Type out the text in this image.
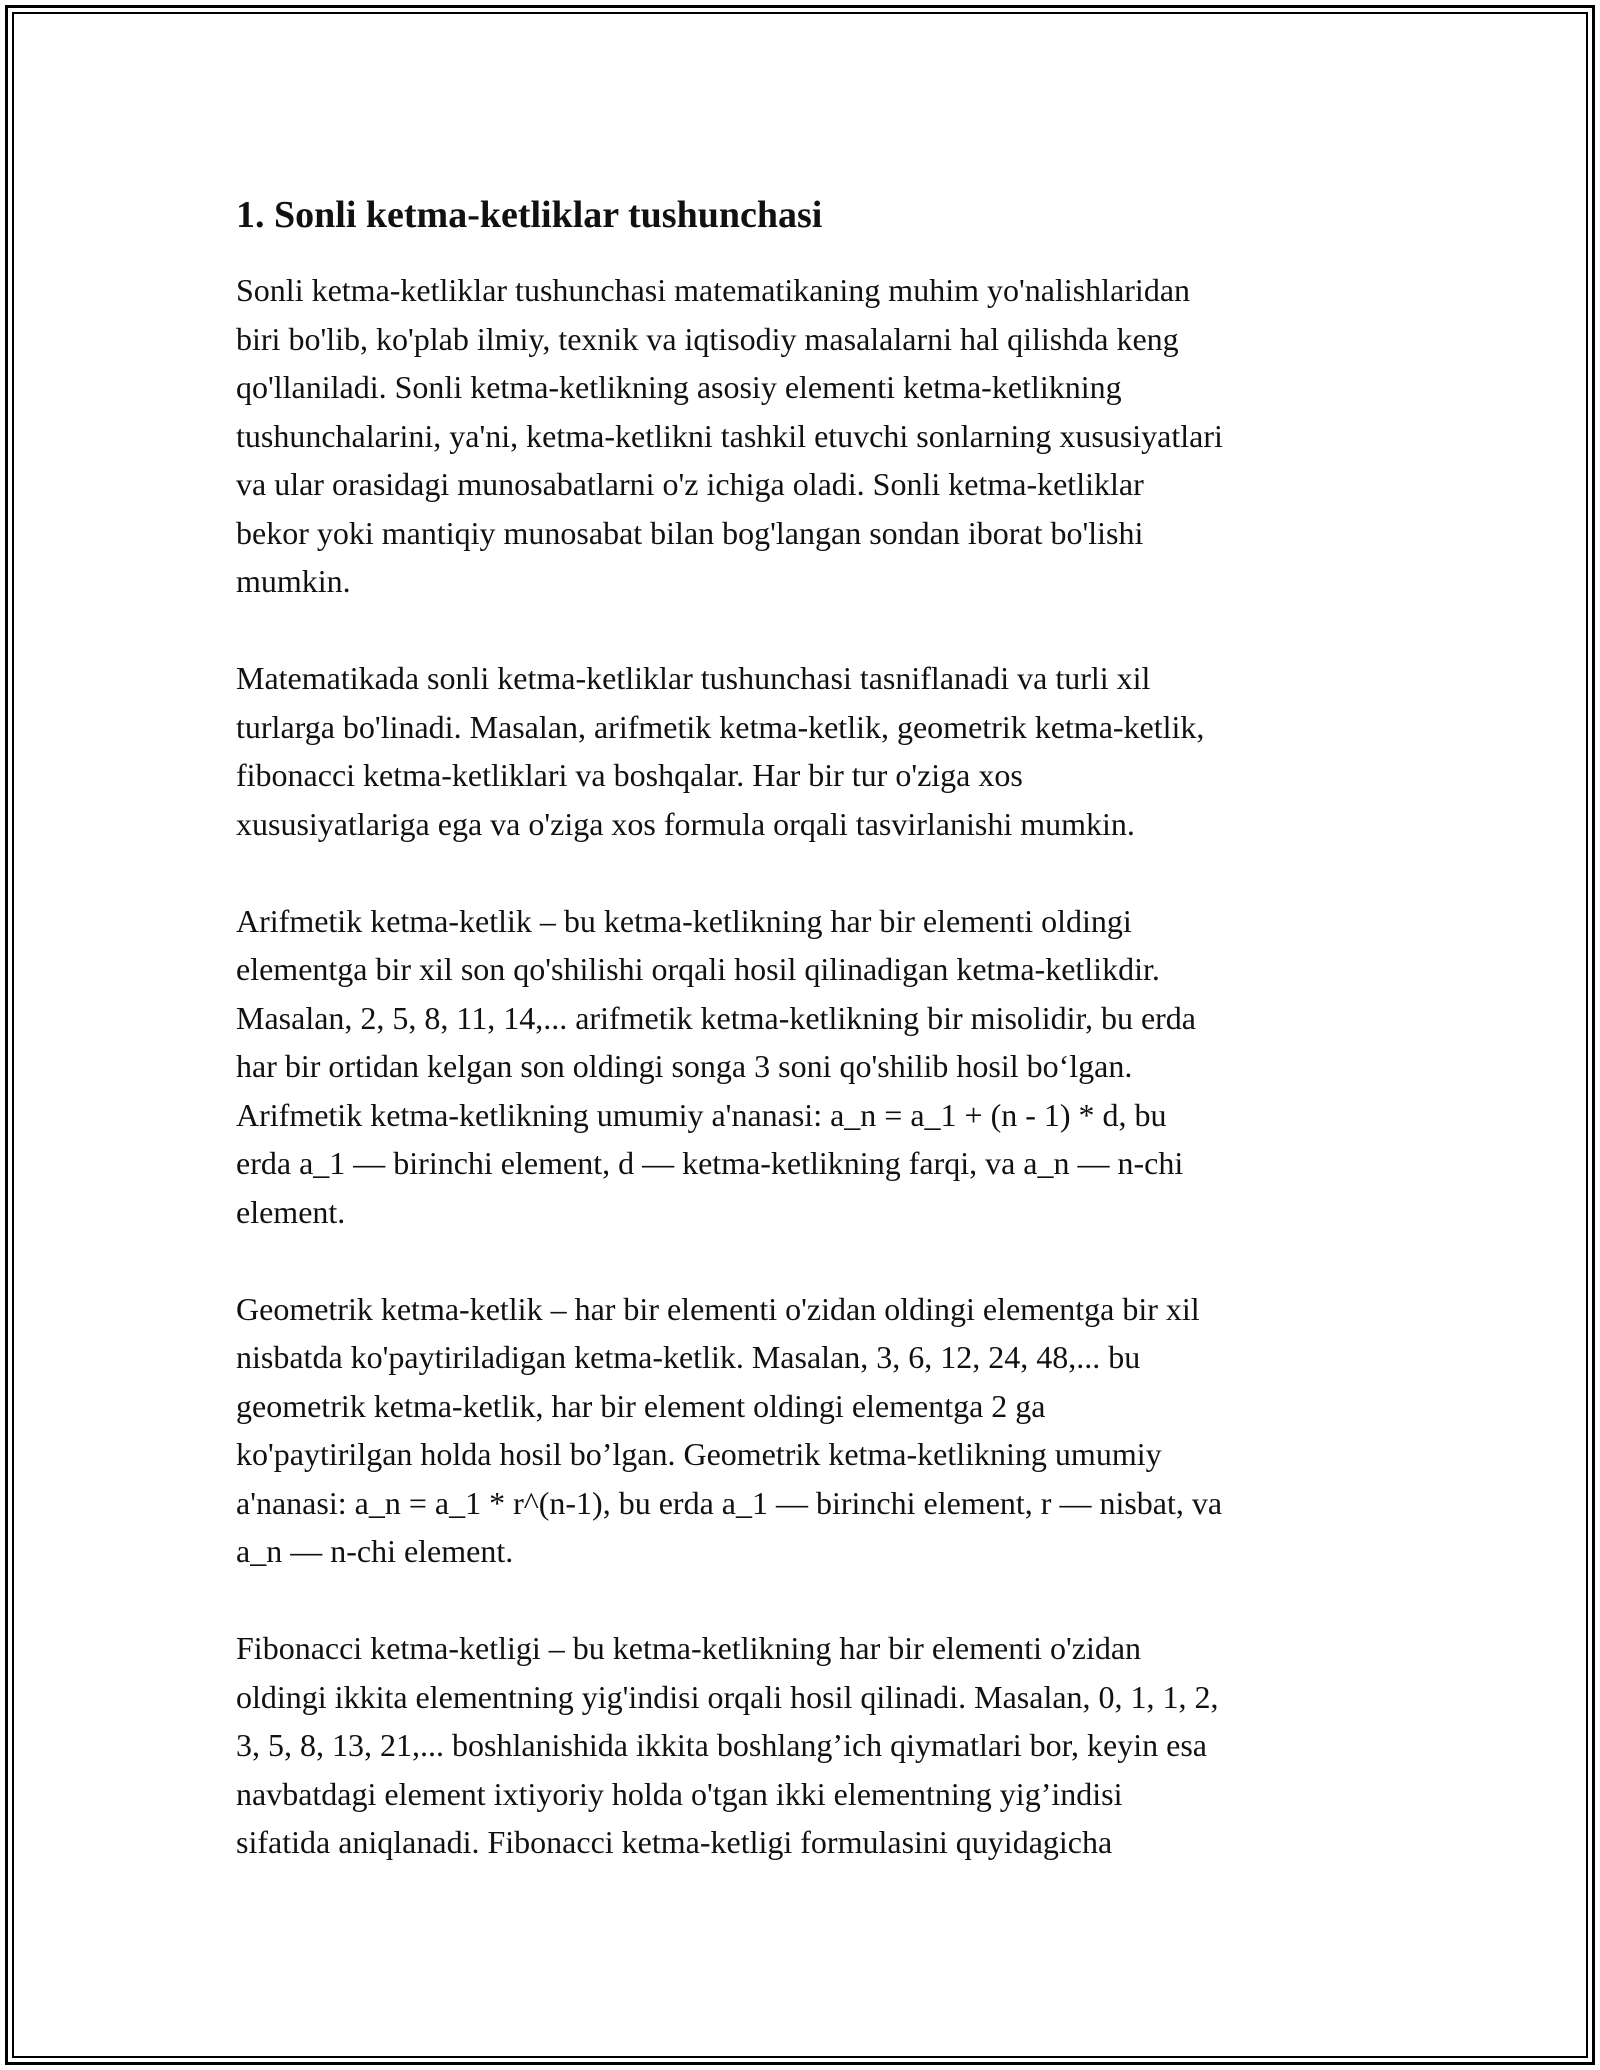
1. Sonli ketma-ketliklar tushunchasi

Sonli ketma-ketliklar tushunchasi matematikaning muhim yo'nalishlaridan
biri bo'lib, ko'plab ilmiy, texnik va iqtisodiy masalalarni hal qilishda keng
qo'llaniladi. Sonli ketma-ketlikning asosiy elementi ketma-ketlikning
tushunchalarini, ya'ni, ketma-ketlikni tashkil etuvchi sonlarning xususiyatlari
va ular orasidagi munosabatlarni o'z ichiga oladi. Sonli ketma-ketliklar
bekor yoki mantiqiy munosabat bilan bog'langan sondan iborat bo'lishi
mumkin.

Matematikada sonli ketma-ketliklar tushunchasi tasniflanadi va turli xil
turlarga bo'linadi. Masalan, arifmetik ketma-ketlik, geometrik ketma-ketlik,
fibonacci ketma-ketliklari va boshqalar. Har bir tur o'ziga xos
xususiyatlariga ega va o'ziga xos formula orqali tasvirlanishi mumkin.

Arifmetik ketma-ketlik – bu ketma-ketlikning har bir elementi oldingi
elementga bir xil son qo'shilishi orqali hosil qilinadigan ketma-ketlikdir.
Masalan, 2, 5, 8, 11, 14,... arifmetik ketma-ketlikning bir misolidir, bu erda
har bir ortidan kelgan son oldingi songa 3 soni qo'shilib hosil bo‘lgan.
Arifmetik ketma-ketlikning umumiy a'nanasi: a_n = a_1 + (n - 1) * d, bu
erda a_1 — birinchi element, d — ketma-ketlikning farqi, va a_n — n-chi
element.

Geometrik ketma-ketlik – har bir elementi o'zidan oldingi elementga bir xil
nisbatda ko'paytiriladigan ketma-ketlik. Masalan, 3, 6, 12, 24, 48,... bu
geometrik ketma-ketlik, har bir element oldingi elementga 2 ga
ko'paytirilgan holda hosil bo’lgan. Geometrik ketma-ketlikning umumiy
a'nanasi: a_n = a_1 * r^(n-1), bu erda a_1 — birinchi element, r — nisbat, va
a_n — n-chi element.

Fibonacci ketma-ketligi – bu ketma-ketlikning har bir elementi o'zidan
oldingi ikkita elementning yig'indisi orqali hosil qilinadi. Masalan, 0, 1, 1, 2,
3, 5, 8, 13, 21,... boshlanishida ikkita boshlang’ich qiymatlari bor, keyin esa
navbatdagi element ixtiyoriy holda o'tgan ikki elementning yig’indisi
sifatida aniqlanadi. Fibonacci ketma-ketligi formulasini quyidagicha
